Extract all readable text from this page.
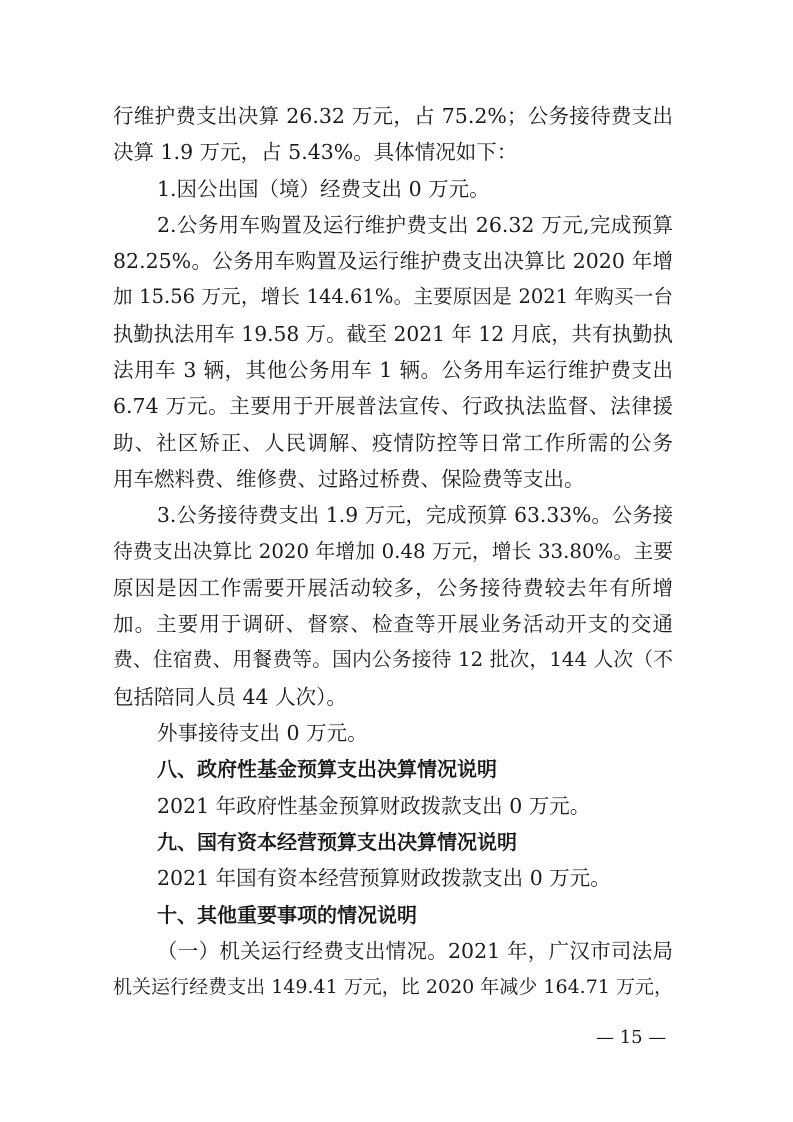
行维护费支出决算 26.32 万元，占 75.2%；公务接待费支出
决算 1.9 万元，占 5.43%。具体情况如下：
1.因公出国（境）经费支出 0 万元。
2.公务用车购置及运行维护费支出 26.32 万元,完成预算
82.25%。公务用车购置及运行维护费支出决算比 2020 年增
加 15.56 万元，增长 144.61%。主要原因是 2021 年购买一台
执勤执法用车 19.58 万。截至 2021 年 12 月底，共有执勤执
法用车 3 辆，其他公务用车 1 辆。公务用车运行维护费支出
6.74 万元。主要用于开展普法宣传、行政执法监督、法律援
助、社区矫正、人民调解、疫情防控等日常工作所需的公务
用车燃料费、维修费、过路过桥费、保险费等支出。
3.公务接待费支出 1.9 万元，完成预算 63.33%。公务接
待费支出决算比 2020 年增加 0.48 万元，增长 33.80%。主要
原因是因工作需要开展活动较多，公务接待费较去年有所增
加。主要用于调研、督察、检查等开展业务活动开支的交通
费、住宿费、用餐费等。国内公务接待 12 批次，144 人次（不
包括陪同人员 44 人次）。
外事接待支出 0 万元。
八、政府性基金预算支出决算情况说明
2021 年政府性基金预算财政拨款支出 0 万元。
九、国有资本经营预算支出决算情况说明
2021 年国有资本经营预算财政拨款支出 0 万元。
十、其他重要事项的情况说明
（一）机关运行经费支出情况。2021 年，广汉市司法局
机关运行经费支出 149.41 万元，比 2020 年减少 164.71 万元，
— 15 —
